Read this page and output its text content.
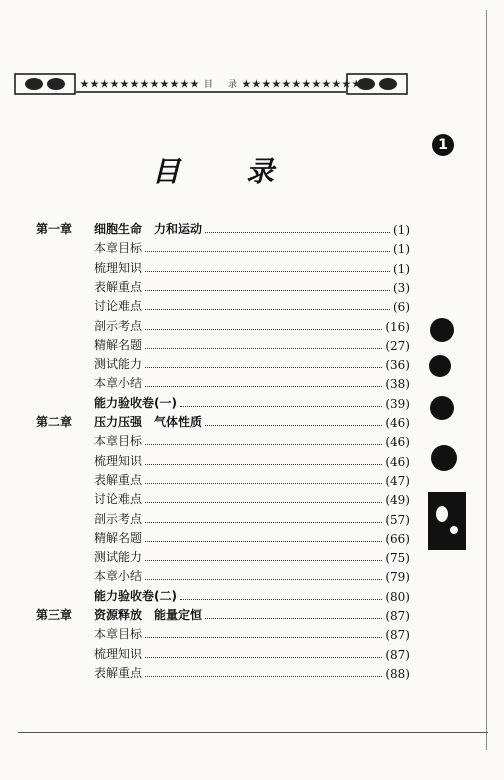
★★★★★★★★★★★★ 目 录 ★★★★★★★★★★★★
1
目 录
第一章	细胞生命　力和运动	(1)
本章目标	(1)
梳理知识	(1)
表解重点	(3)
讨论难点	(6)
剖示考点	(16)
精解名题	(27)
测试能力	(36)
本章小结	(38)
能力验收卷(一)	(39)
第二章	压力压强　气体性质	(46)
本章目标	(46)
梳理知识	(46)
表解重点	(47)
讨论难点	(49)
剖示考点	(57)
精解名题	(66)
测试能力	(75)
本章小结	(79)
能力验收卷(二)	(80)
第三章	资源释放　能量定恒	(87)
本章目标	(87)
梳理知识	(87)
表解重点	(88)
